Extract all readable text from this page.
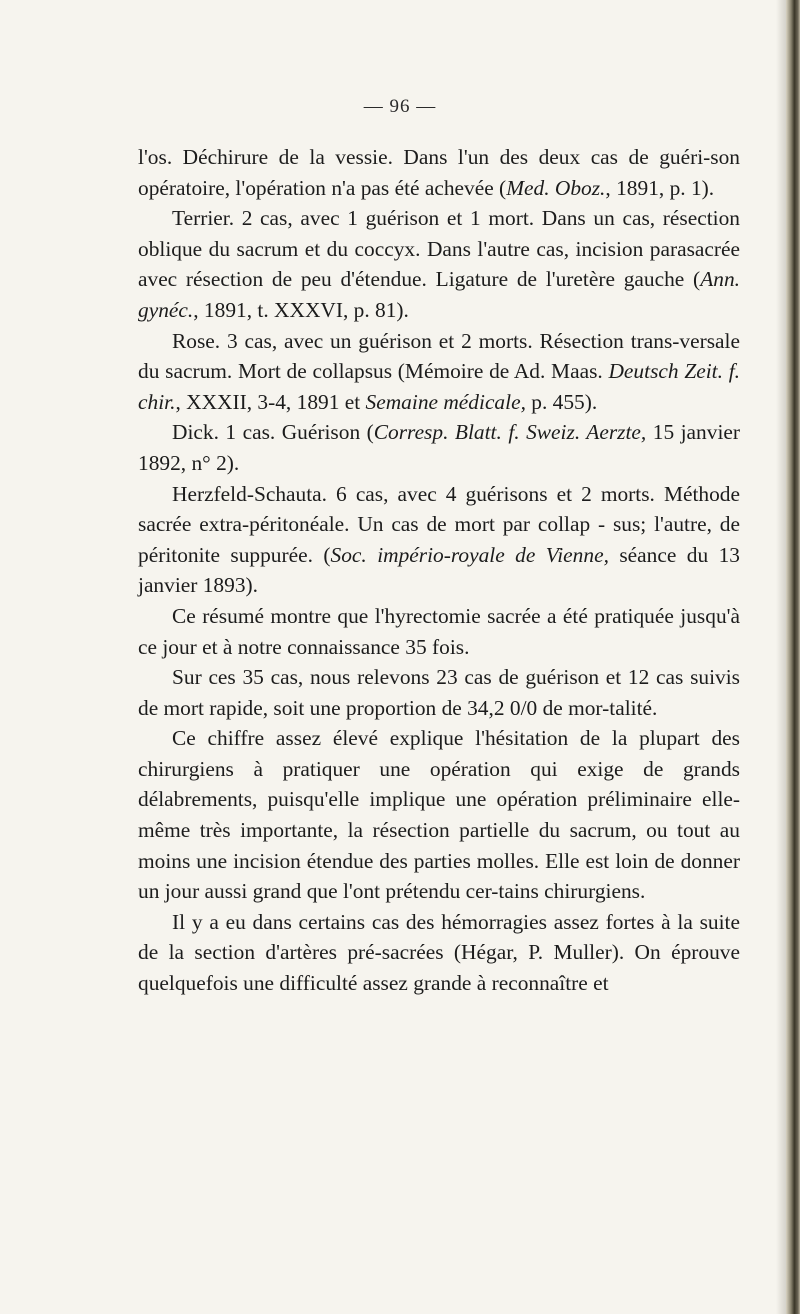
— 96 —

l'os. Déchirure de la vessie. Dans l'un des deux cas de guéri-son opératoire, l'opération n'a pas été achevée (Med. Oboz., 1891, p. 1).

Terrier. 2 cas, avec 1 guérison et 1 mort. Dans un cas, résection oblique du sacrum et du coccyx. Dans l'autre cas, incision parasacrée avec résection de peu d'étendue. Ligature de l'uretère gauche (Ann. gynéc., 1891, t. XXXVI, p. 81).

Rose. 3 cas, avec un guérison et 2 morts. Résection trans-versale du sacrum. Mort de collapsus (Mémoire de Ad. Maas. Deutsch Zeit. f. chir., XXXII, 3-4, 1891 et Semaine médicale, p. 455).

Dick. 1 cas. Guérison (Corresp. Blatt. f. Sweiz. Aerzte, 15 janvier 1892, n° 2).

Herzfeld-Schauta. 6 cas, avec 4 guérisons et 2 morts. Méthode sacrée extra-péritonéale. Un cas de mort par collap - sus; l'autre, de péritonite suppurée. (Soc. império-royale de Vienne, séance du 13 janvier 1893).

Ce résumé montre que l'hyrectomie sacrée a été pratiquée jusqu'à ce jour et à notre connaissance 35 fois.

Sur ces 35 cas, nous relevons 23 cas de guérison et 12 cas suivis de mort rapide, soit une proportion de 34,2 0/0 de mor-talité.

Ce chiffre assez élevé explique l'hésitation de la plupart des chirurgiens à pratiquer une opération qui exige de grands délabrements, puisqu'elle implique une opération préliminaire elle-même très importante, la résection partielle du sacrum, ou tout au moins une incision étendue des parties molles. Elle est loin de donner un jour aussi grand que l'ont prétendu cer-tains chirurgiens.

Il y a eu dans certains cas des hémorragies assez fortes à la suite de la section d'artères pré-sacrées (Hégar, P. Muller). On éprouve quelquefois une difficulté assez grande à reconnaître et
